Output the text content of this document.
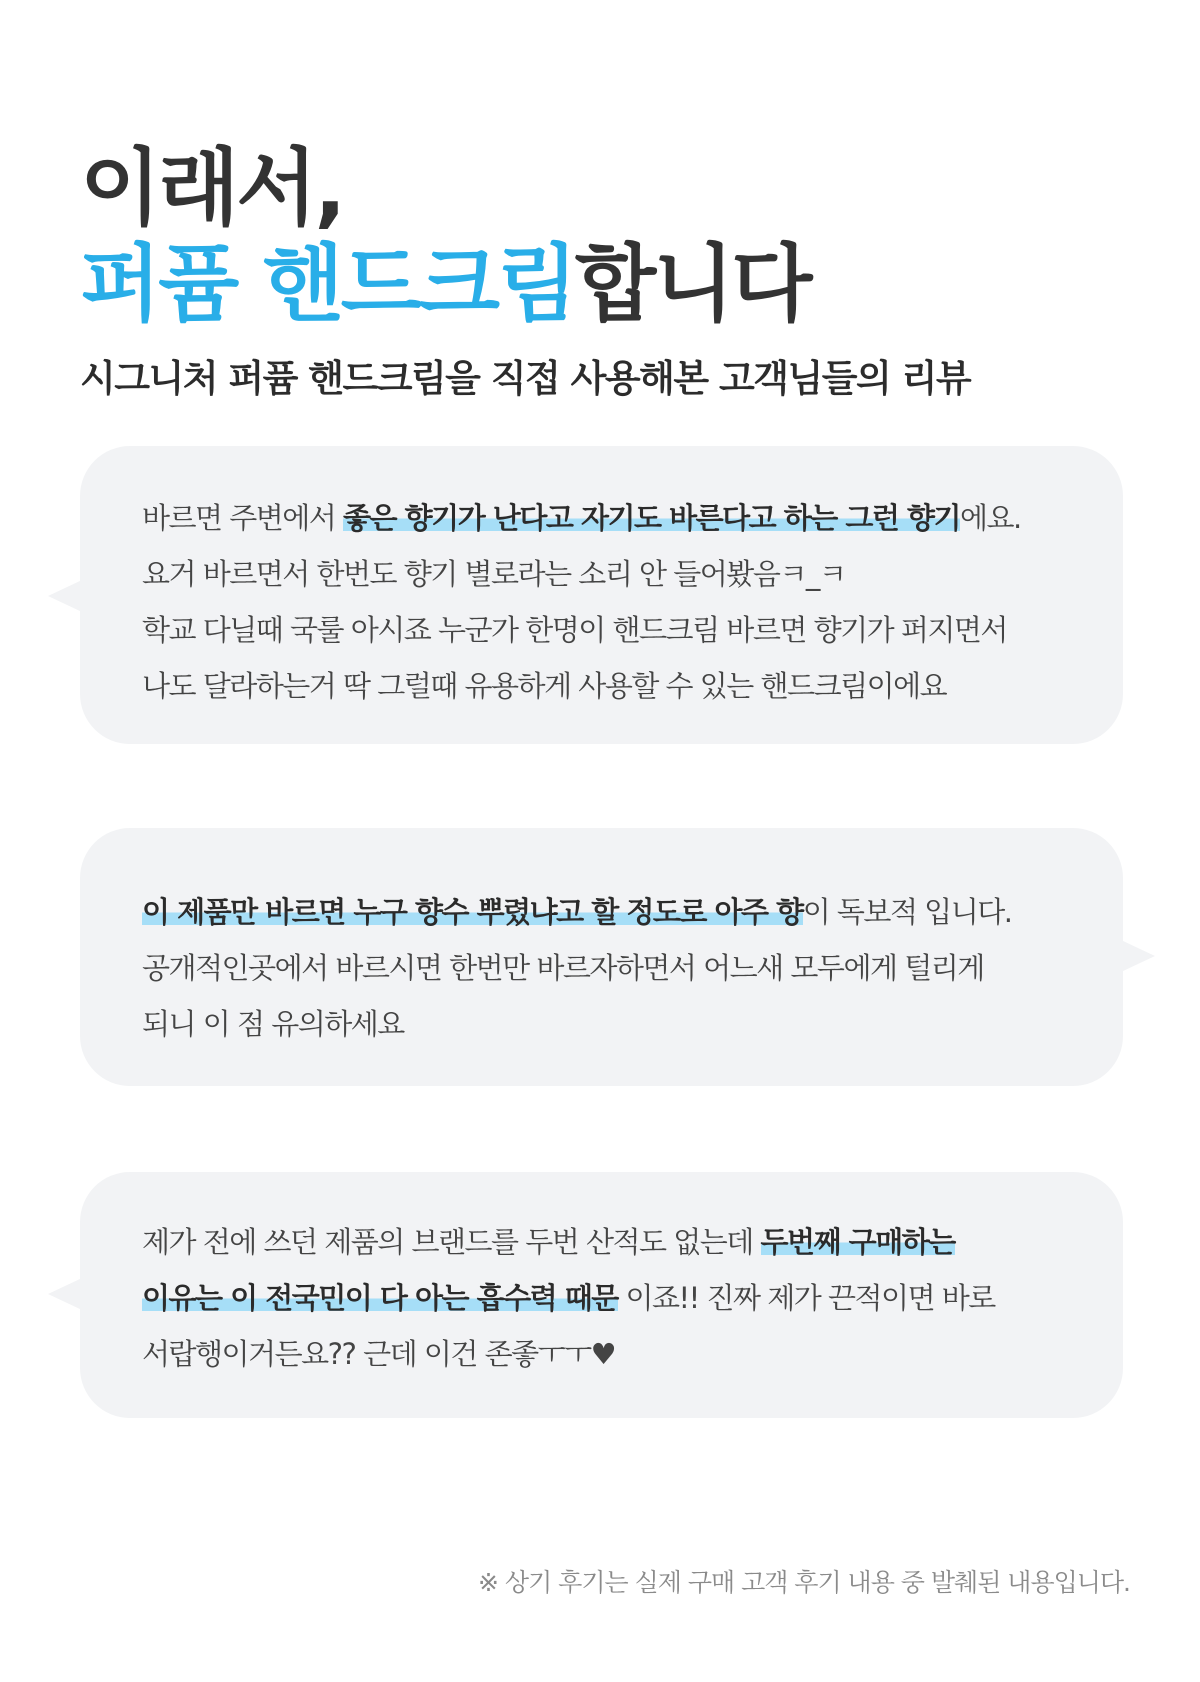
이래서,
퍼퓸 핸드크림합니다

시그니처 퍼퓸 핸드크림을 직접 사용해본 고객님들의 리뷰

바르면 주변에서 좋은 향기가 난다고 자기도 바른다고 하는 그런 향기에요.

요거 바르면서 한번도 향기 별로라는 소리 안 들어봤음ㅋ_ㅋ

학교 다닐때 국룰 아시죠 누군가 한명이 핸드크림 바르면 향기가 퍼지면서

나도 달라하는거 딱 그럴때 유용하게 사용할 수 있는 핸드크림이에요

이 제품만 바르면 누구 향수 뿌렸냐고 할 정도로 아주 향이 독보적 입니다.

공개적인곳에서 바르시면 한번만 바르자하면서 어느새 모두에게 털리게

되니 이 점 유의하세요

제가 전에 쓰던 제품의 브랜드를 두번 산적도 없는데 두번째 구매하는

이유는 이 전국민이 다 아는 흡수력 때문 이죠!! 진짜 제가 끈적이면 바로

서랍행이거든요?? 근데 이건 존좋ㅜㅜ♥

※ 상기 후기는 실제 구매 고객 후기 내용 중 발췌된 내용입니다.
